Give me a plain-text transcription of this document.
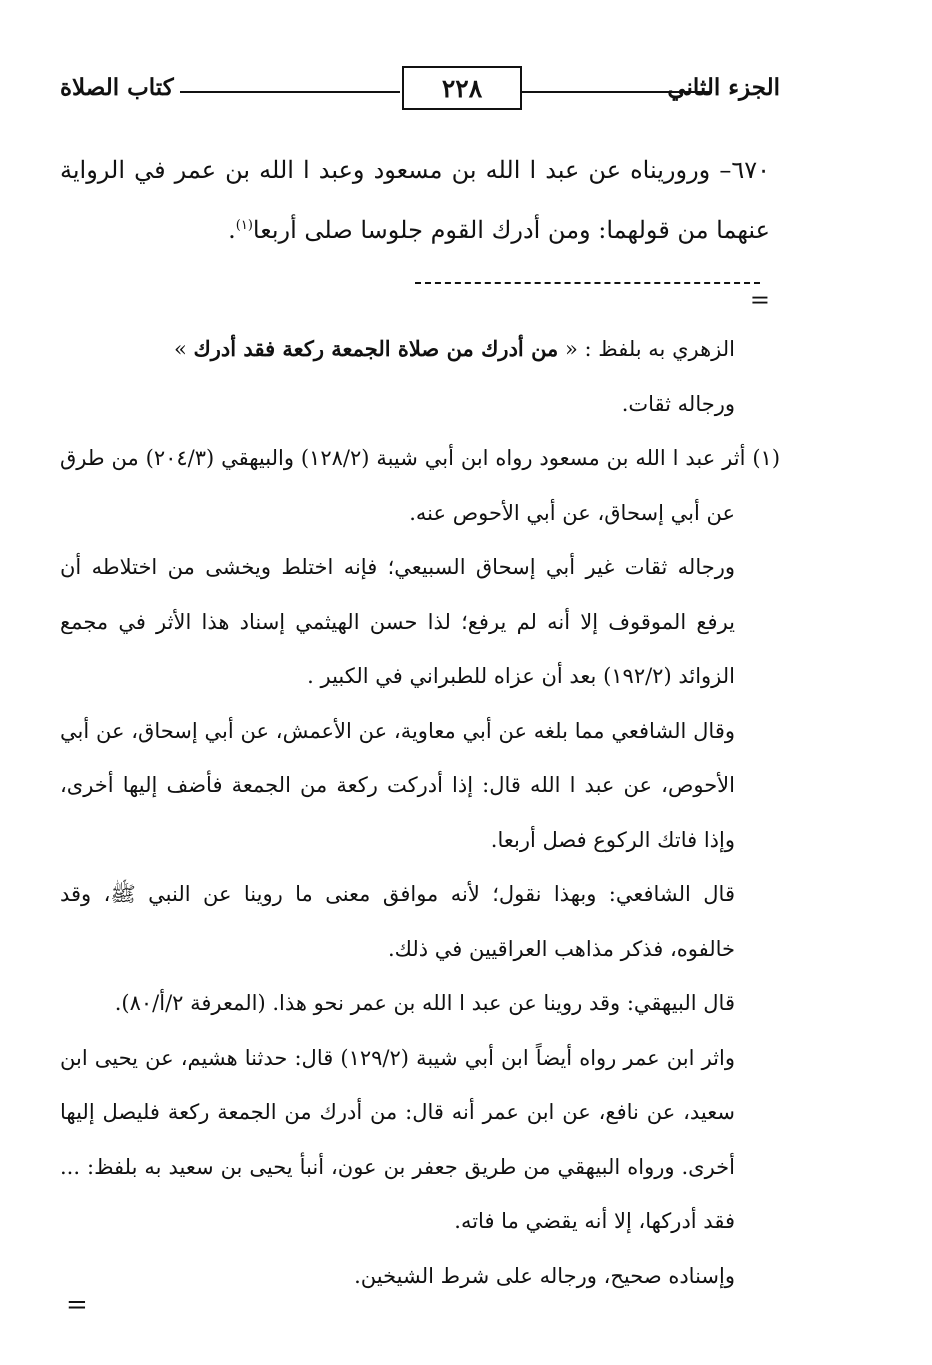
كتاب الصلاة	٢٢٨	الجزء الثاني

٦٧٠– وروريناه عن عبد ا الله بن مسعود وعبد ا الله بن عمر في الرواية عنهما من قولهما: ومن أدرك القوم جلوسا صلى أربعا$^{(١)}$.

=

الزهري به بلفظ : « من أدرك من صلاة الجمعة ركعة فقد أدرك »

ورجاله ثقات.

(١) أثر عبد ا الله بن مسعود رواه ابن أبي شيبة (١٢٨/٢) والبيهقي (٢٠٤/٣) من طرق عن أبي إسحاق، عن أبي الأحوص عنه.

ورجاله ثقات غير أبي إسحاق السبيعي؛ فإنه اختلط ويخشى من اختلاطه أن يرفع الموقوف إلا أنه لم يرفع؛ لذا حسن الهيثمي إسناد هذا الأثر في مجمع الزوائد (١٩٢/٢) بعد أن عزاه للطبراني في الكبير .

وقال الشافعي مما بلغه عن أبي معاوية، عن الأعمش، عن أبي إسحاق، عن أبي الأحوص، عن عبد ا الله قال: إذا أدركت ركعة من الجمعة فأضف إليها أخرى، وإذا فاتك الركوع فصل أربعا.

قال الشافعي: وبهذا نقول؛ لأنه موافق معنى ما روينا عن النبي ﷺ، وقد خالفوه، فذكر مذاهب العراقيين في ذلك.

قال البيهقي: وقد روينا عن عبد ا الله بن عمر نحو هذا. (المعرفة ٢/أ/٨٠).

واثر ابن عمر رواه أيضاً ابن أبي شيبة (١٢٩/٢) قال: حدثنا هشيم، عن يحيى ابن سعيد، عن نافع، عن ابن عمر أنه قال: من أدرك من الجمعة ركعة فليصل إليها أخرى. ورواه البيهقي من طريق جعفر بن عون، أنبأ يحيى بن سعيد به بلفظ: ... فقد أدركها، إلا أنه يقضي ما فاته.

وإسناده صحيح، ورجاله على شرط الشيخين.

=
